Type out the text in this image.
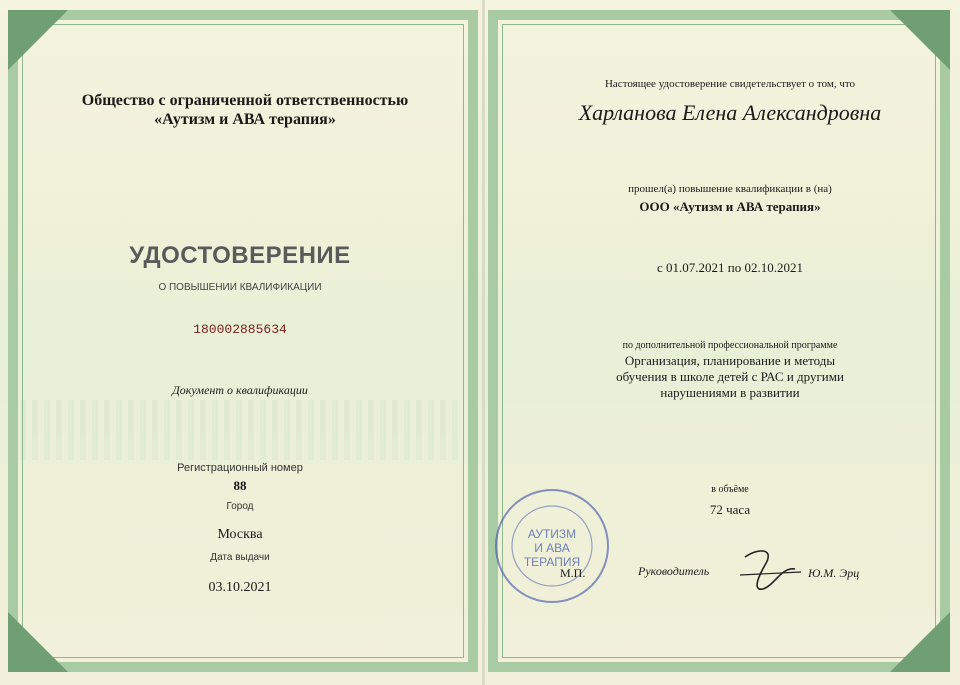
Общество с ограниченной ответственностью

«Аутизм и АВА терапия»

УДОСТОВЕРЕНИЕ

О ПОВЫШЕНИИ КВАЛИФИКАЦИИ

180002885634

Документ о квалификации

Регистрационный номер

88

Город

Москва

Дата выдачи

03.10.2021

Настоящее удостоверение свидетельствует о том, что

Харланова Елена Александровна

прошел(а) повышение квалификации в (на)

ООО «Аутизм и АВА терапия»

с 01.07.2021 по 02.10.2021

по дополнительной профессиональной программе

Организация, планирование и методы

обучения в школе детей с РАС и другими

нарушениями в развитии

в объёме

72 часа

АУТИЗМ
И АВА
ТЕРАПИЯ

М.П.	Руководитель	Ю.М. Эрц
